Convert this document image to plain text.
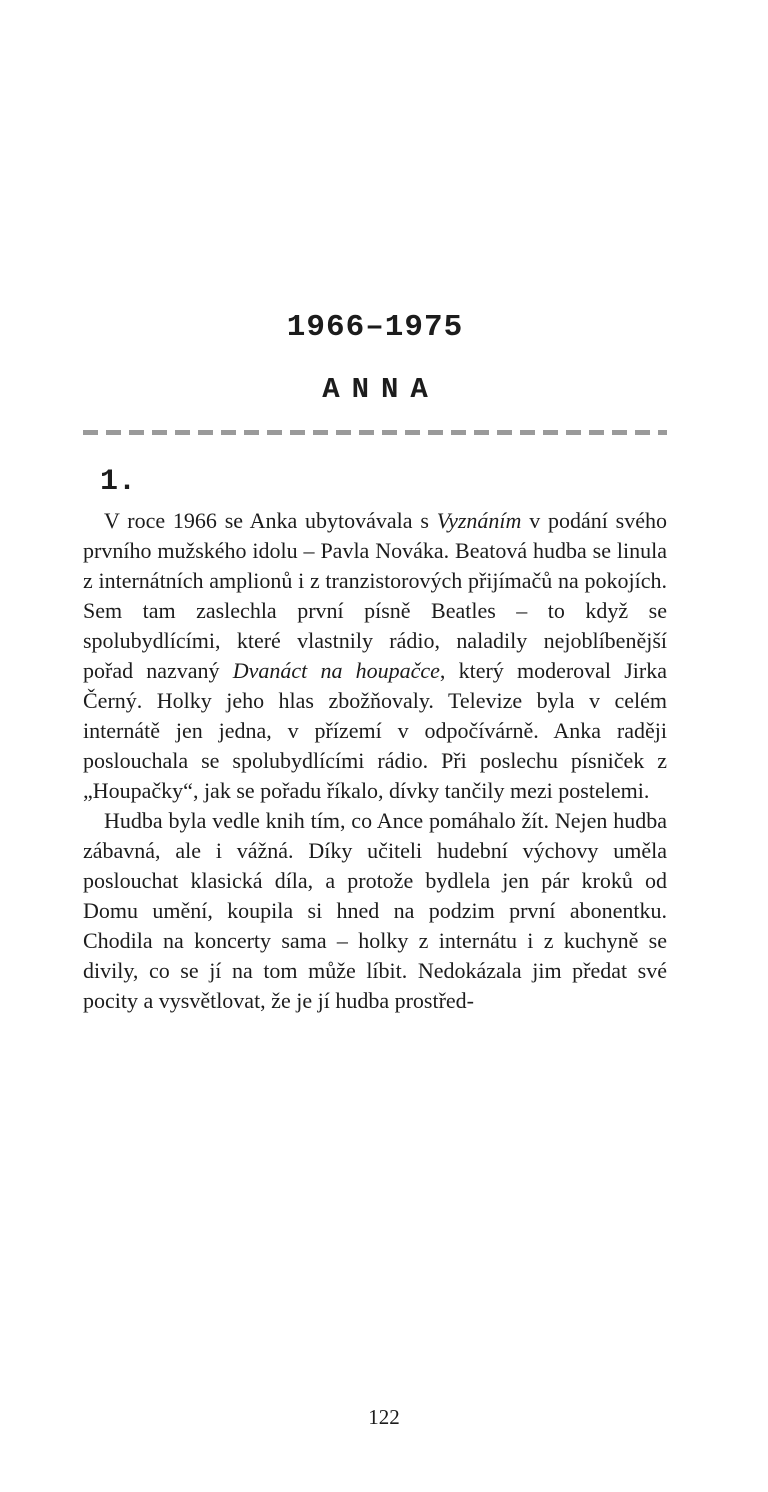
1966–1975
ANNA
1.

V roce 1966 se Anka ubytovávala s Vyznáním v podání svého prvního mužského idolu – Pavla Nováka. Beatová hudba se linula z internátních amplionů i z tranzistorových přijímačů na pokojích. Sem tam zaslechla první písně Beatles – to když se spolubydlícími, které vlastnily rádio, naladily nejoblíbenější pořad nazvaný Dvanáct na houpačce, který moderoval Jirka Černý. Holky jeho hlas zbožňovaly. Televize byla v celém internátě jen jedna, v přízemí v odpočívárně. Anka raději poslouchala se spolubydlícími rádio. Při poslechu písniček z „Houpačky“, jak se pořadu říkalo, dívky tančily mezi postelemi.

Hudba byla vedle knih tím, co Ance pomáhalo žít. Nejen hudba zábavná, ale i vážná. Díky učiteli hudební výchovy uměla poslouchat klasická díla, a protože bydlela jen pár kroků od Domu umění, koupila si hned na podzim první abonentku. Chodila na koncerty sama – holky z internátu i z kuchyně se divily, co se jí na tom může líbit. Nedokázala jim předat své pocity a vysvětlovat, že je jí hudba prostřed-

122
